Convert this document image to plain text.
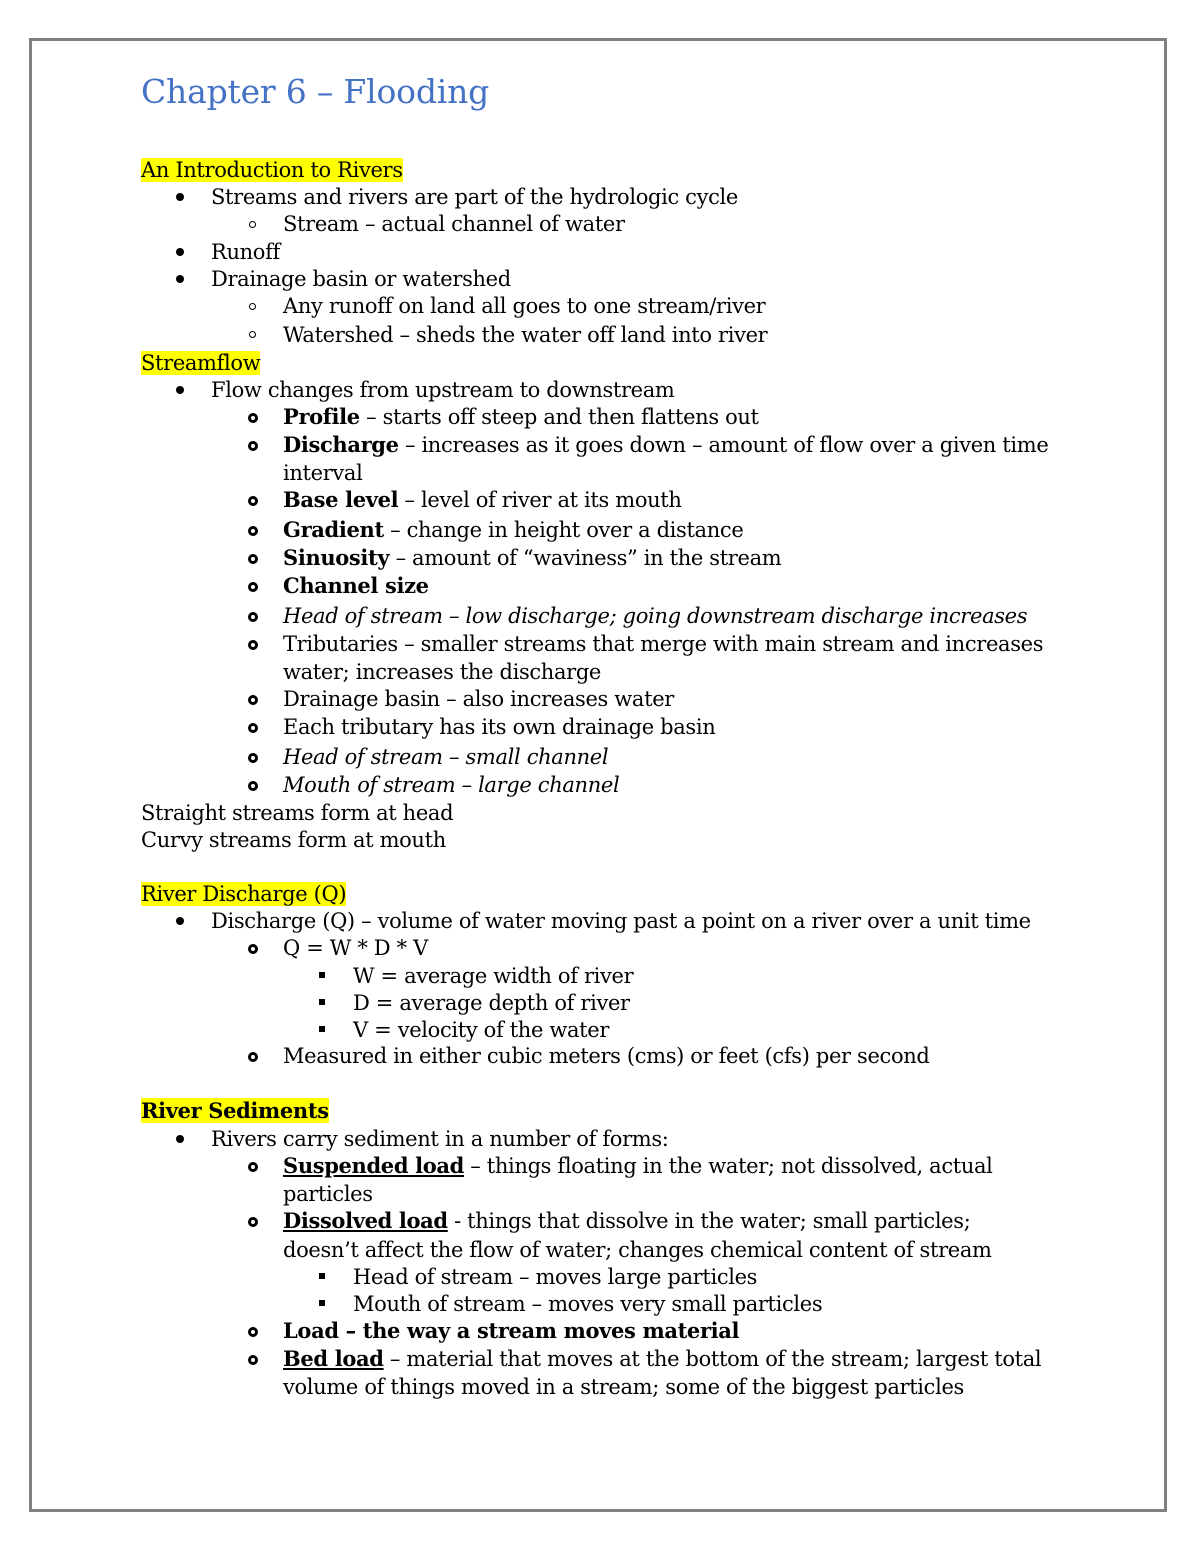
Chapter 6 – Flooding
An Introduction to Rivers
Streams and rivers are part of the hydrologic cycle
Stream – actual channel of water
Runoff
Drainage basin or watershed
Any runoff on land all goes to one stream/river
Watershed – sheds the water off land into river
Streamflow
Flow changes from upstream to downstream
Profile – starts off steep and then flattens out
Discharge – increases as it goes down – amount of flow over a given time
interval
Base level – level of river at its mouth
Gradient – change in height over a distance
Sinuosity – amount of “waviness” in the stream
Channel size
Head of stream – low discharge; going downstream discharge increases
Tributaries – smaller streams that merge with main stream and increases
water; increases the discharge
Drainage basin – also increases water
Each tributary has its own drainage basin
Head of stream – small channel
Mouth of stream – large channel
Straight streams form at head
Curvy streams form at mouth
River Discharge (Q)
Discharge (Q) – volume of water moving past a point on a river over a unit time
Q = W * D * V
W = average width of river
D = average depth of river
V = velocity of the water
Measured in either cubic meters (cms) or feet (cfs) per second
River Sediments
Rivers carry sediment in a number of forms:
Suspended load – things floating in the water; not dissolved, actual
particles
Dissolved load - things that dissolve in the water; small particles;
doesn’t affect the flow of water; changes chemical content of stream
Head of stream – moves large particles
Mouth of stream – moves very small particles
Load – the way a stream moves material
Bed load – material that moves at the bottom of the stream; largest total
volume of things moved in a stream; some of the biggest particles
